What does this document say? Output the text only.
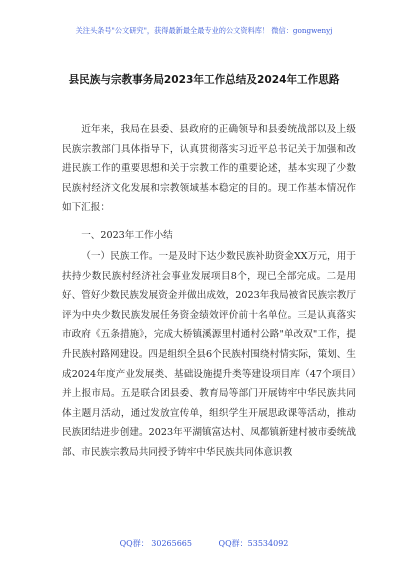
关注头条号"公文研究"，获得最新最全最专业的公文资料库！ 微信：gongwenyj
县民族与宗教事务局2023年工作总结及2024年工作思路

近年来，我局在县委、县政府的正确领导和县委统战部以及上级民族宗教部门具体指导下，认真贯彻落实习近平总书记关于加强和改进民族工作的重要思想和关于宗教工作的重要论述，基本实现了少数民族村经济文化发展和宗教领域基本稳定的目的。现工作基本情况作如下汇报：

一、2023年工作小结

（一）民族工作。一是及时下达少数民族补助资金XX万元，用于扶持少数民族村经济社会事业发展项目8个，现已全部完成。二是用好、管好少数民族发展资金并做出成效，2023年我局被省民族宗教厅评为中央少数民族发展任务资金绩效评价前十名单位。三是认真落实市政府《五条措施》，完成大桥镇溪源里村通村公路"单改双"工作，提升民族村路网建设。四是组织全县6个民族村围绕村情实际，策划、生成2024年度产业发展类、基础设施提升类等建设项目库（47个项目）并上报市局。五是联合团县委、教育局等部门开展铸牢中华民族共同体主题月活动，通过发放宣传单，组织学生开展思政课等活动，推动民族团结进步创建。2023年平湖镇富达村、凤都镇新建村被市委统战部、市民族宗教局共同授予铸牢中华民族共同体意识教

QQ群： 30265665	QQ群：53534092
